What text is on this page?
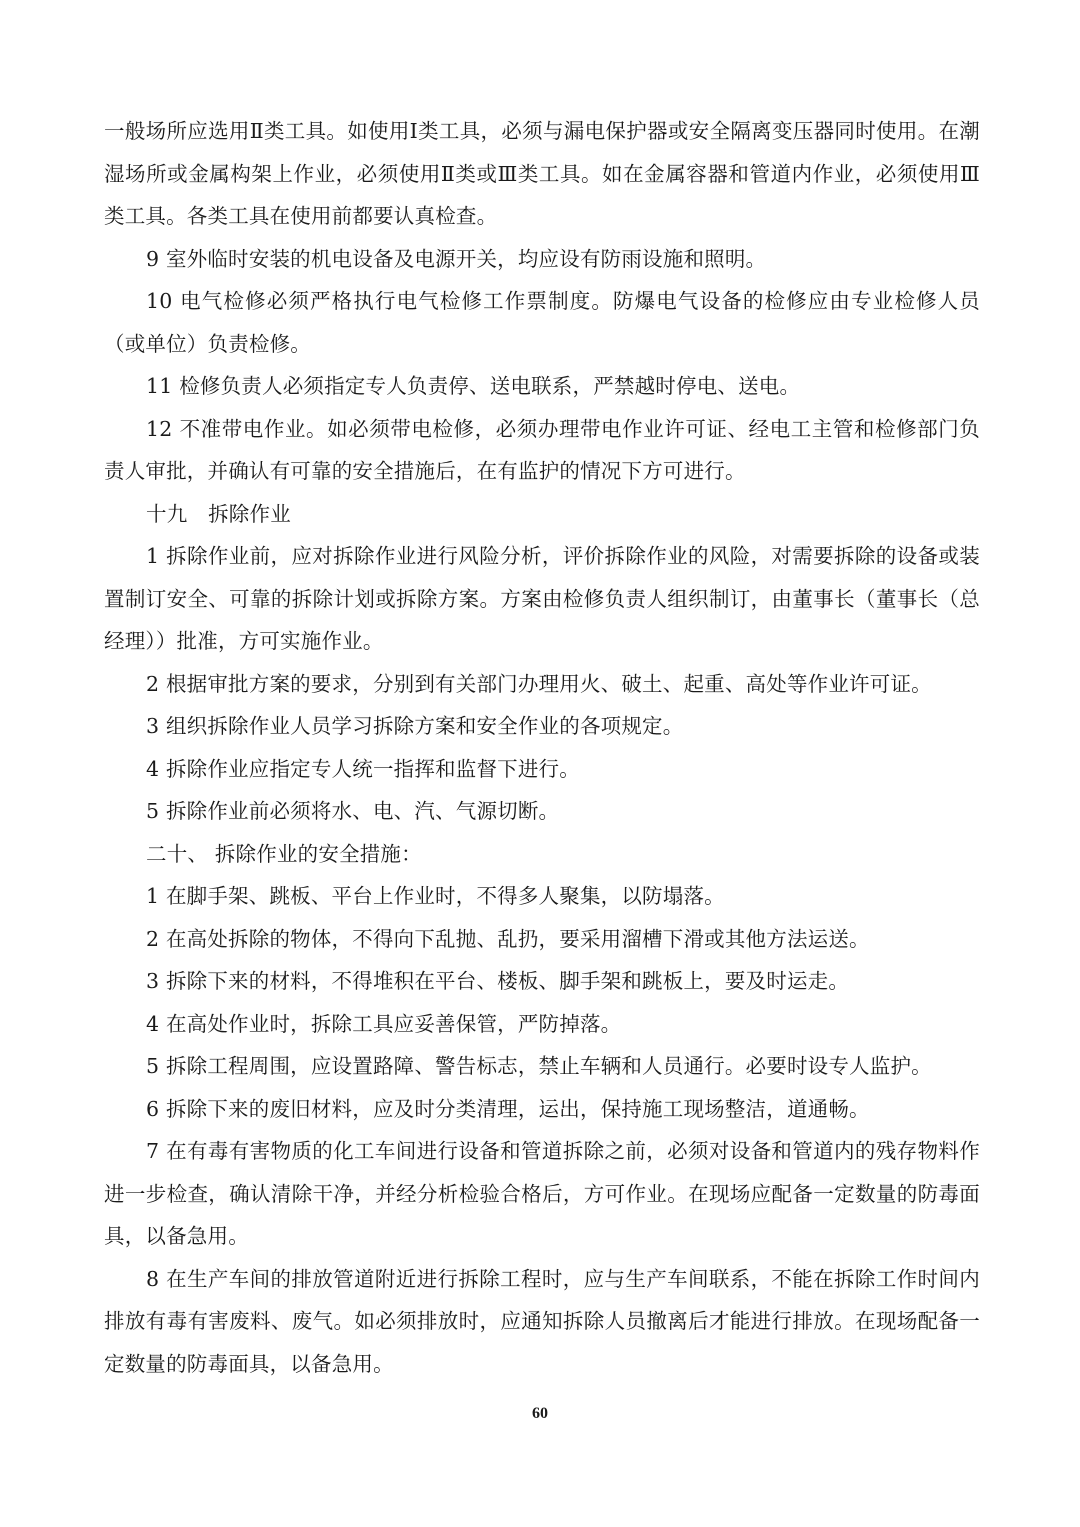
一般场所应选用Ⅱ类工具。如使用Ⅰ类工具，必须与漏电保护器或安全隔离变压器同时使用。在潮湿场所或金属构架上作业，必须使用Ⅱ类或Ⅲ类工具。如在金属容器和管道内作业，必须使用Ⅲ类工具。各类工具在使用前都要认真检查。

9 室外临时安装的机电设备及电源开关，均应设有防雨设施和照明。

10 电气检修必须严格执行电气检修工作票制度。防爆电气设备的检修应由专业检修人员（或单位）负责检修。

11 检修负责人必须指定专人负责停、送电联系，严禁越时停电、送电。

12 不准带电作业。如必须带电检修，必须办理带电作业许可证、经电工主管和检修部门负责人审批，并确认有可靠的安全措施后，在有监护的情况下方可进行。

十九　拆除作业

1 拆除作业前，应对拆除作业进行风险分析，评价拆除作业的风险，对需要拆除的设备或装置制订安全、可靠的拆除计划或拆除方案。方案由检修负责人组织制订，由董事长（董事长（总经理））批准，方可实施作业。

2 根据审批方案的要求，分别到有关部门办理用火、破土、起重、高处等作业许可证。

3 组织拆除作业人员学习拆除方案和安全作业的各项规定。

4 拆除作业应指定专人统一指挥和监督下进行。

5 拆除作业前必须将水、电、汽、气源切断。

二十、 拆除作业的安全措施：

1 在脚手架、跳板、平台上作业时，不得多人聚集，以防塌落。

2 在高处拆除的物体，不得向下乱抛、乱扔，要采用溜槽下滑或其他方法运送。

3 拆除下来的材料，不得堆积在平台、楼板、脚手架和跳板上，要及时运走。

4 在高处作业时，拆除工具应妥善保管，严防掉落。

5 拆除工程周围，应设置路障、警告标志，禁止车辆和人员通行。必要时设专人监护。

6 拆除下来的废旧材料，应及时分类清理，运出，保持施工现场整洁，道通畅。

7 在有毒有害物质的化工车间进行设备和管道拆除之前，必须对设备和管道内的残存物料作进一步检查，确认清除干净，并经分析检验合格后，方可作业。在现场应配备一定数量的防毒面具，以备急用。

8 在生产车间的排放管道附近进行拆除工程时，应与生产车间联系，不能在拆除工作时间内排放有毒有害废料、废气。如必须排放时，应通知拆除人员撤离后才能进行排放。在现场配备一定数量的防毒面具，以备急用。

60
